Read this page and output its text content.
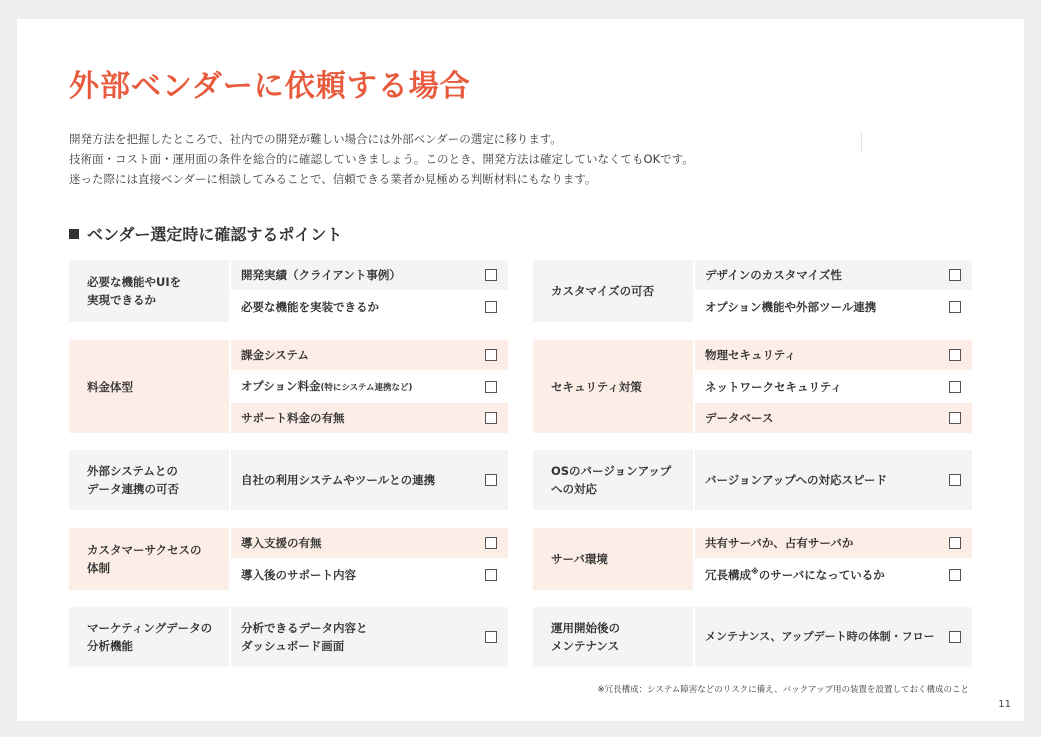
外部ベンダーに依頼する場合
開発方法を把握したところで、社内での開発が難しい場合には外部ベンダーの選定に移ります。
技術面・コスト面・運用面の条件を総合的に確認していきましょう。このとき、開発方法は確定していなくてもOKです。
迷った際には直接ベンダーに相談してみることで、信頼できる業者か見極める判断材料にもなります。
ベンダー選定時に確認するポイント
必要な機能やUIを
実現できるか
開発実績（クライアント事例）
必要な機能を実装できるか
カスタマイズの可否
デザインのカスタマイズ性
オプション機能や外部ツール連携
料金体型
課金システム
オプション料金(特にシステム連携など)
サポート料金の有無
セキュリティ対策
物理セキュリティ
ネットワークセキュリティ
データベース
外部システムとの
データ連携の可否
自社の利用システムやツールとの連携
OSのバージョンアップ
への対応
バージョンアップへの対応スピード
カスタマーサクセスの
体制
導入支援の有無
導入後のサポート内容
サーバ環境
共有サーバか、占有サーバか
冗長構成※のサーバになっているか
マーケティングデータの
分析機能
分析できるデータ内容と
ダッシュボード画面
運用開始後の
メンテナンス
メンテナンス、アップデート時の体制・フロー
※冗長構成：システム障害などのリスクに備え、バックアップ用の装置を設置しておく構成のこと
11
